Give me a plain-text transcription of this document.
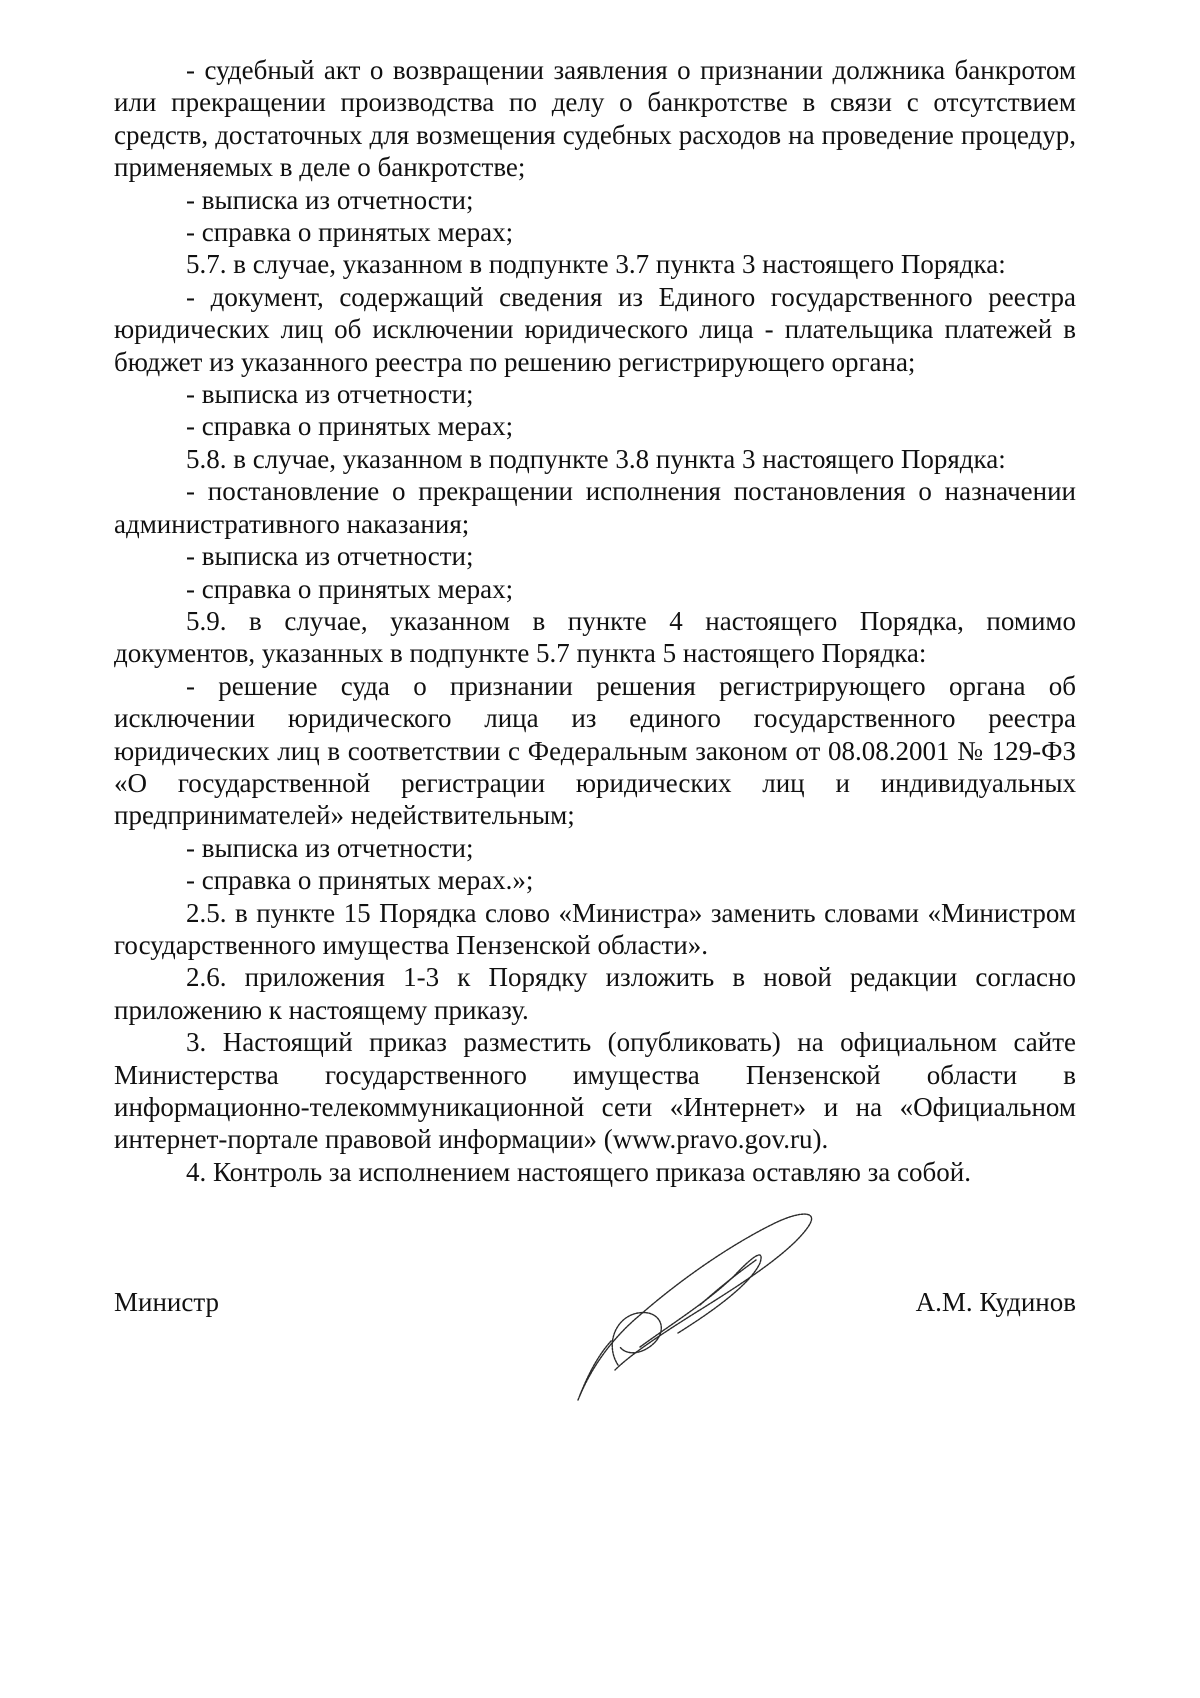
- судебный акт о возвращении заявления о признании должника банкротом или прекращении производства по делу о банкротстве в связи с отсутствием средств, достаточных для возмещения судебных расходов на проведение процедур, применяемых в деле о банкротстве;

- выписка из отчетности;

- справка о принятых мерах;

5.7. в случае, указанном в подпункте 3.7 пункта 3 настоящего Порядка:

- документ, содержащий сведения из Единого государственного реестра юридических лиц об исключении юридического лица - плательщика платежей в бюджет из указанного реестра по решению регистрирующего органа;

- выписка из отчетности;

- справка о принятых мерах;

5.8. в случае, указанном в подпункте 3.8 пункта 3 настоящего Порядка:

- постановление о прекращении исполнения постановления о назначении административного наказания;

- выписка из отчетности;

- справка о принятых мерах;

5.9. в случае, указанном в пункте 4 настоящего Порядка, помимо документов, указанных в подпункте 5.7 пункта 5 настоящего Порядка:

- решение суда о признании решения регистрирующего органа об исключении юридического лица из единого государственного реестра юридических лиц в соответствии с Федеральным законом от 08.08.2001 № 129-ФЗ «О государственной регистрации юридических лиц и индивидуальных предпринимателей» недействительным;

- выписка из отчетности;

- справка о принятых мерах.»;

2.5. в пункте 15 Порядка слово «Министра» заменить словами «Министром государственного имущества Пензенской области».

2.6. приложения 1-3 к Порядку изложить в новой редакции согласно приложению к настоящему приказу.

3. Настоящий приказ разместить (опубликовать) на официальном сайте Министерства государственного имущества Пензенской области в информационно-телекоммуникационной сети «Интернет» и на «Официальном интернет-портале правовой информации» (www.pravo.gov.ru).

4. Контроль за исполнением настоящего приказа оставляю за собой.

Министр	А.М. Кудинов
